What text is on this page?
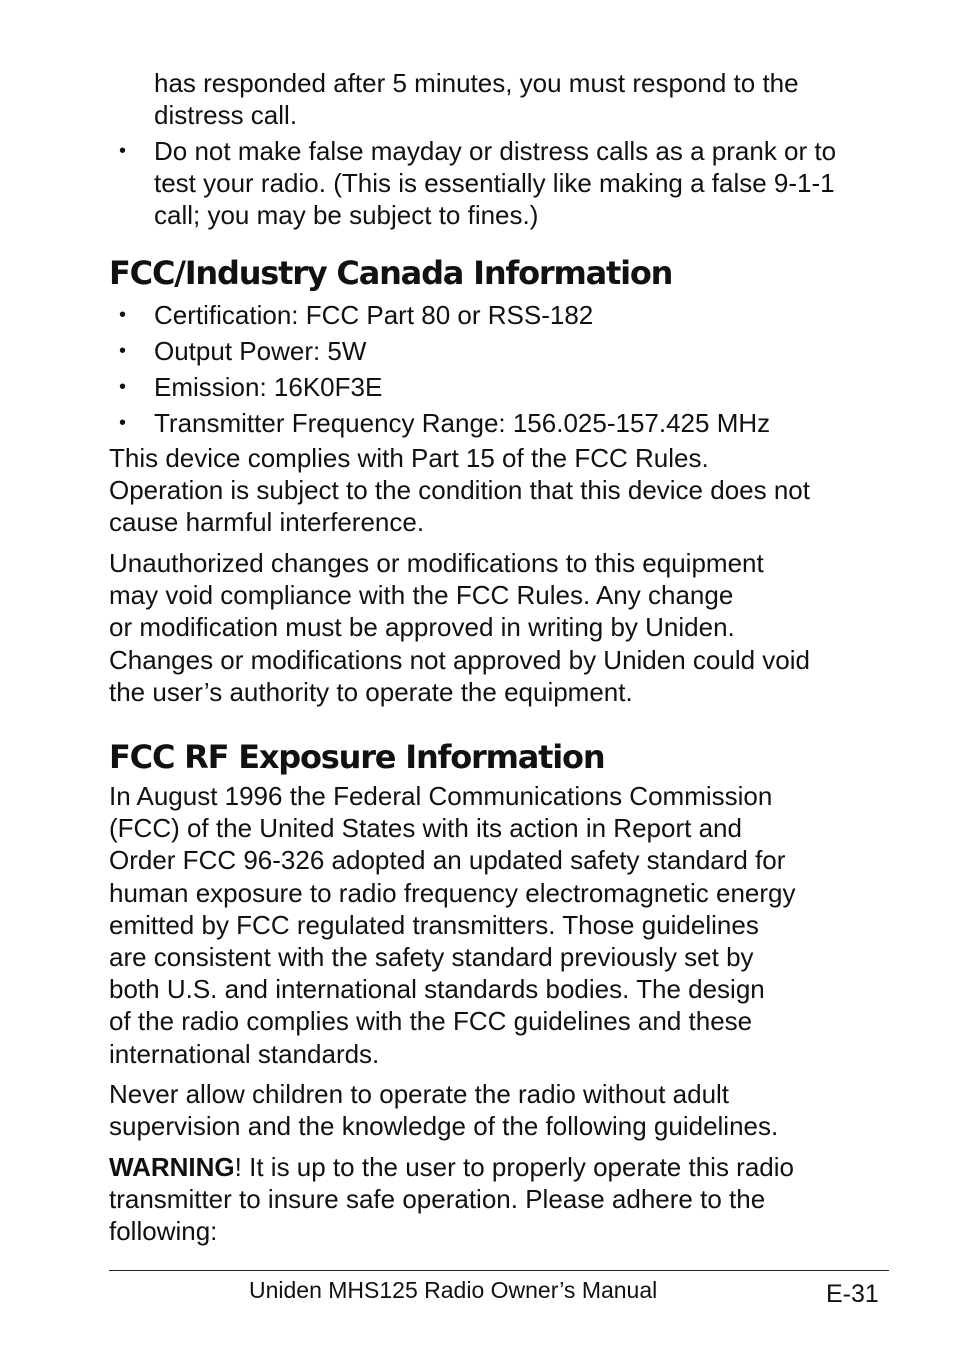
has responded after 5 minutes, you must respond to the
distress call.

• Do not make false mayday or distress calls as a prank or to
test your radio. (This is essentially like making a false 9-1-1
call; you may be subject to fines.)
FCC/Industry Canada Information
• Certification: FCC Part 80 or RSS-182
• Output Power: 5W
• Emission: 16K0F3E
• Transmitter Frequency Range: 156.025-157.425 MHz

This device complies with Part 15 of the FCC Rules.
Operation is subject to the condition that this device does not
cause harmful interference.

Unauthorized changes or modifications to this equipment
may void compliance with the FCC Rules. Any change
or modification must be approved in writing by Uniden.
Changes or modifications not approved by Uniden could void
the user’s authority to operate the equipment.

FCC RF Exposure Information

In August 1996 the Federal Communications Commission
(FCC) of the United States with its action in Report and
Order FCC 96-326 adopted an updated safety standard for
human exposure to radio frequency electromagnetic energy
emitted by FCC regulated transmitters. Those guidelines
are consistent with the safety standard previously set by
both U.S. and international standards bodies. The design
of the radio complies with the FCC guidelines and these
international standards.

Never allow children to operate the radio without adult
supervision and the knowledge of the following guidelines.

WARNING! It is up to the user to properly operate this radio
transmitter to insure safe operation. Please adhere to the
following:

Uniden MHS125 Radio Owner’s Manual	E-31
